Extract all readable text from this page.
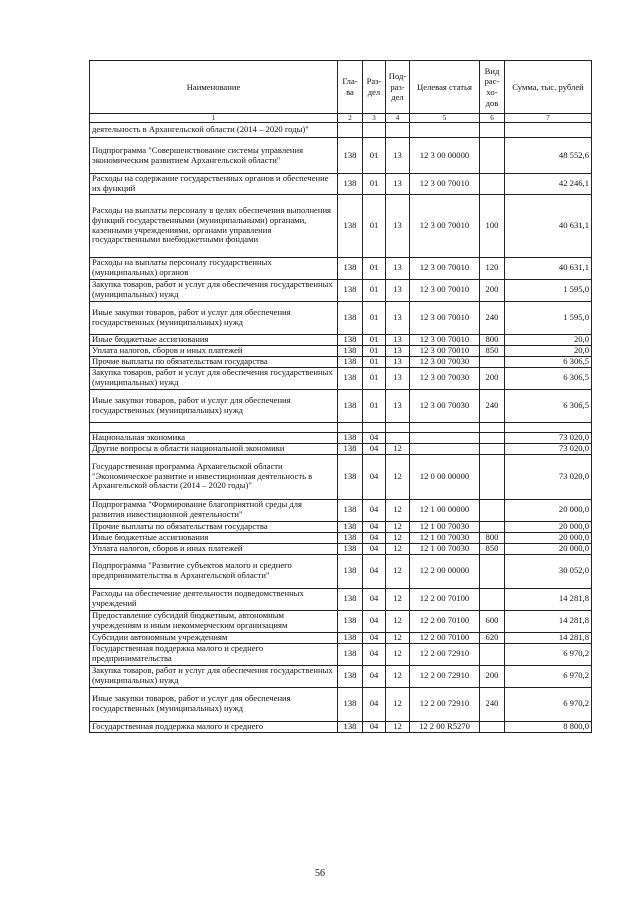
Наименование	Гла-ва	Раз-дел	Под-раз-дел	Целевая статья	Вид рас-хо-дов	Сумма, тыс. рублей
1	2	3	4	5	6	7
деятельность в Архангельской области (2014 – 2020 годы)"						
Подпрограмма "Совершенствование системы управления экономическим развитием Архангельской области"	138	01	13	12 3 00 00000		48 552,6
Расходы на содержание государственных органов и обеспечение их функций	138	01	13	12 3 00 70010		42 246,1
Расходы на выплаты персоналу в целях обеспечения выполнения функций государственными (муниципальными) органами, казенными учреждениями, органами управления государственными внебюджетными фондами	138	01	13	12 3 00 70010	100	40 631,1
Расходы на выплаты персоналу государственных (муниципальных) органов	138	01	13	12 3 00 70010	120	40 631,1
Закупка товаров, работ и услуг для обеспечения государственных (муниципальных) нужд	138	01	13	12 3 00 70010	200	1 595,0
Иные закупки товаров, работ и услуг для обеспечения государственных (муниципальных) нужд	138	01	13	12 3 00 70010	240	1 595,0
Иные бюджетные ассигнования	138	01	13	12 3 00 70010	800	20,0
Уплата налогов, сборов и иных платежей	138	01	13	12 3 00 70010	850	20,0
Прочие выплаты по обязательствам государства	138	01	13	12 3 00 70030		6 306,5
Закупка товаров, работ и услуг для обеспечения государственных (муниципальных) нужд	138	01	13	12 3 00 70030	200	6 306,5
Иные закупки товаров, работ и услуг для обеспечения государственных (муниципальных) нужд	138	01	13	12 3 00 70030	240	6 306,5

Национальная экономика	138	04				73 020,0
Другие вопросы в области национальной экономики	138	04	12			73 020,0
Государственная программа Архангельской области "Экономическое развитие и инвестиционная деятельность в Архангельской области (2014 – 2020 годы)"	138	04	12	12 0 00 00000		73 020,0
Подпрограмма "Формирование благоприятной среды для развития инвестиционной деятельности"	138	04	12	12 1 00 00000		20 000,0
Прочие выплаты по обязательствам государства	138	04	12	12 1 00 70030		20 000,0
Иные бюджетные ассигнования	138	04	12	12 1 00 70030	800	20 000,0
Уплата налогов, сборов и иных платежей	138	04	12	12 1 00 70030	850	20 000,0
Подпрограмма "Развитие субъектов малого и среднего предпринимательства в Архангельской области"	138	04	12	12 2 00 00000		30 052,0
Расходы на обеспечение деятельности подведомственных учреждений	138	04	12	12 2 00 70100		14 281,8
Предоставление субсидий бюджетным, автономным учреждениям и иным некоммерческим организациям	138	04	12	12 2 00 70100	600	14 281,8
Субсидии автономным учреждениям	138	04	12	12 2 00 70100	620	14 281,8
Государственная поддержка малого и среднего предпринимательства	138	04	12	12 2 00 72910		6 970,2
Закупка товаров, работ и услуг для обеспечения государственных (муниципальных) нужд	138	04	12	12 2 00 72910	200	6 970,2
Иные закупки товаров, работ и услуг для обеспечения государственных (муниципальных) нужд	138	04	12	12 2 00 72910	240	6 970,2
Государственная поддержка малого и среднего	138	04	12	12 2 00 R5270		8 800,0
56
